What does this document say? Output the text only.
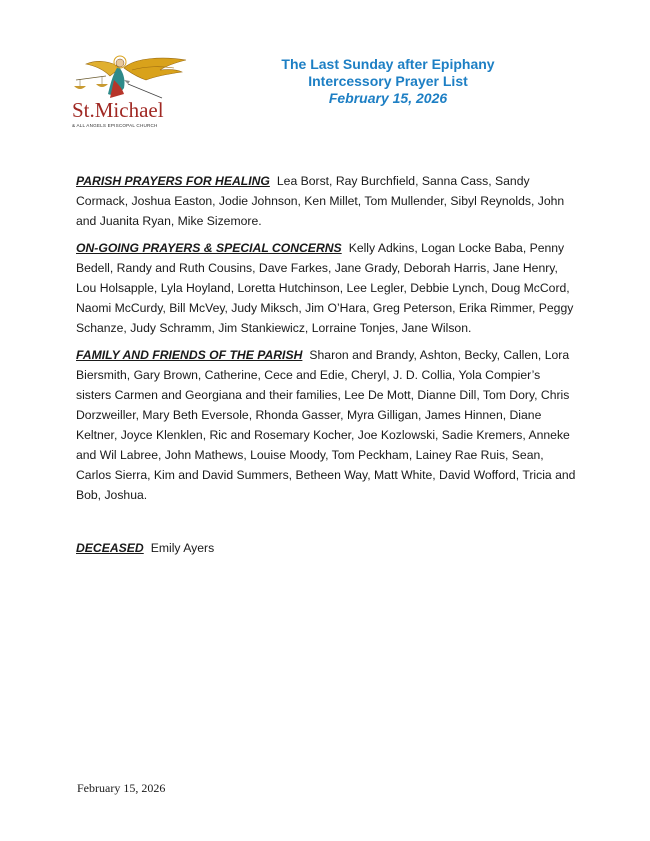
St.Michael
& ALL ANGELS EPISCOPAL CHURCH
The Last Sunday after Epiphany
Intercessory Prayer List
February 15, 2026

PARISH PRAYERS FOR HEALING Lea Borst, Ray Burchfield, Sanna Cass, Sandy Cormack, Joshua Easton, Jodie Johnson, Ken Millet, Tom Mullender, Sibyl Reynolds, John and Juanita Ryan, Mike Sizemore.

ON-GOING PRAYERS & SPECIAL CONCERNS Kelly Adkins, Logan Locke Baba, Penny Bedell, Randy and Ruth Cousins, Dave Farkes, Jane Grady, Deborah Harris, Jane Henry, Lou Holsapple, Lyla Hoyland, Loretta Hutchinson, Lee Legler, Debbie Lynch, Doug McCord, Naomi McCurdy, Bill McVey, Judy Miksch, Jim O’Hara, Greg Peterson, Erika Rimmer, Peggy Schanze, Judy Schramm, Jim Stankiewicz, Lorraine Tonjes, Jane Wilson.

FAMILY AND FRIENDS OF THE PARISH Sharon and Brandy, Ashton, Becky, Callen, Lora Biersmith, Gary Brown, Catherine, Cece and Edie, Cheryl, J. D. Collia, Yola Compier’s sisters Carmen and Georgiana and their families, Lee De Mott, Dianne Dill, Tom Dory, Chris Dorzweiller, Mary Beth Eversole, Rhonda Gasser, Myra Gilligan, James Hinnen, Diane Keltner, Joyce Klenklen, Ric and Rosemary Kocher, Joe Kozlowski, Sadie Kremers, Anneke and Wil Labree, John Mathews, Louise Moody, Tom Peckham, Lainey Rae Ruis, Sean, Carlos Sierra, Kim and David Summers, Betheen Way, Matt White, David Wofford, Tricia and Bob, Joshua.

DECEASED Emily Ayers

February 15, 2026
